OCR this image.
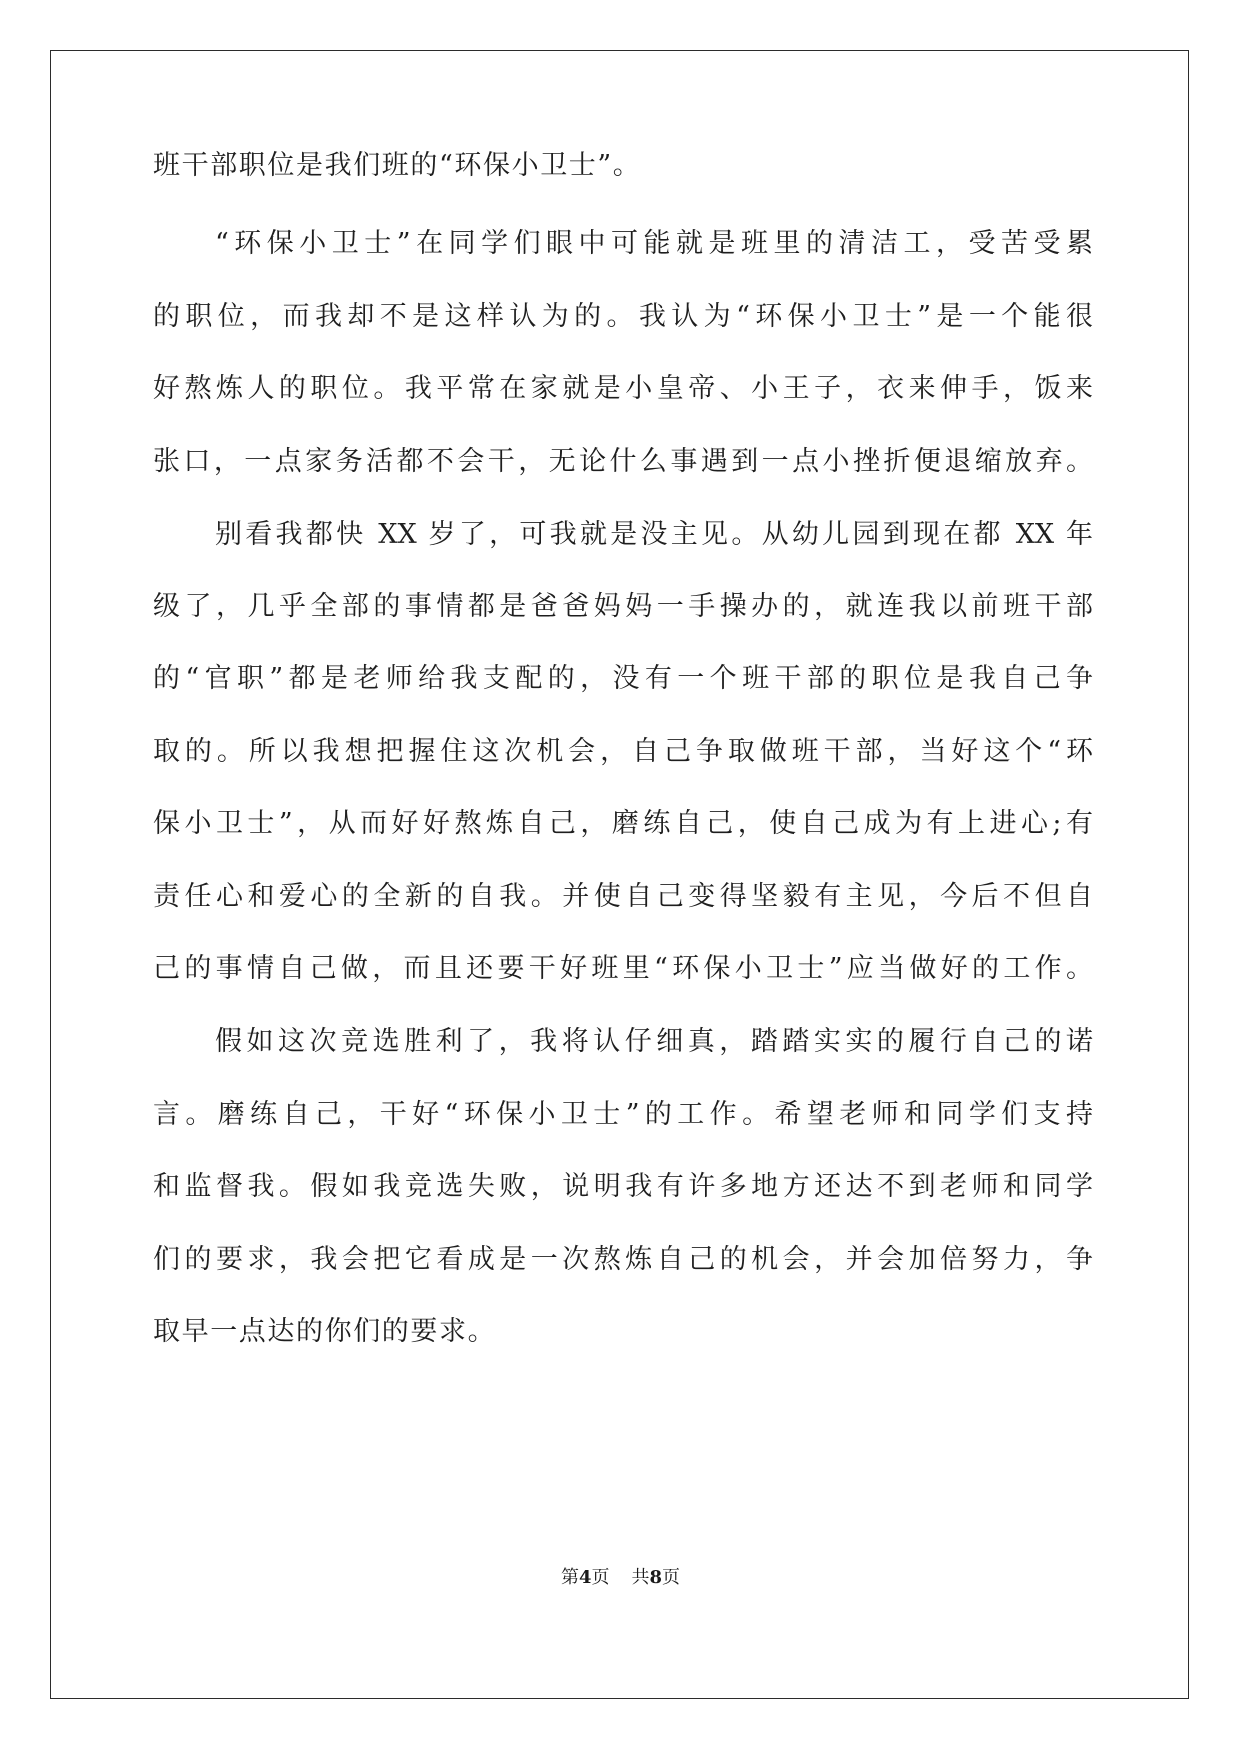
班干部职位是我们班的“环保小卫士”。
“环保小卫士”在同学们眼中可能就是班里的清洁工，受苦受累
的职位，而我却不是这样认为的。我认为“环保小卫士”是一个能很
好熬炼人的职位。我平常在家就是小皇帝、小王子，衣来伸手，饭来
张口，一点家务活都不会干，无论什么事遇到一点小挫折便退缩放弃。
别看我都快 XX 岁了，可我就是没主见。从幼儿园到现在都 XX 年
级了，几乎全部的事情都是爸爸妈妈一手操办的，就连我以前班干部
的“官职”都是老师给我支配的，没有一个班干部的职位是我自己争
取的。所以我想把握住这次机会，自己争取做班干部，当好这个“环
保小卫士”，从而好好熬炼自己，磨练自己，使自己成为有上进心;有
责任心和爱心的全新的自我。并使自己变得坚毅有主见，今后不但自
己的事情自己做，而且还要干好班里“环保小卫士”应当做好的工作。
假如这次竞选胜利了，我将认仔细真，踏踏实实的履行自己的诺
言。磨练自己，干好“环保小卫士”的工作。希望老师和同学们支持
和监督我。假如我竞选失败，说明我有许多地方还达不到老师和同学
们的要求，我会把它看成是一次熬炼自己的机会，并会加倍努力，争
取早一点达的你们的要求。
第4页 共8页
